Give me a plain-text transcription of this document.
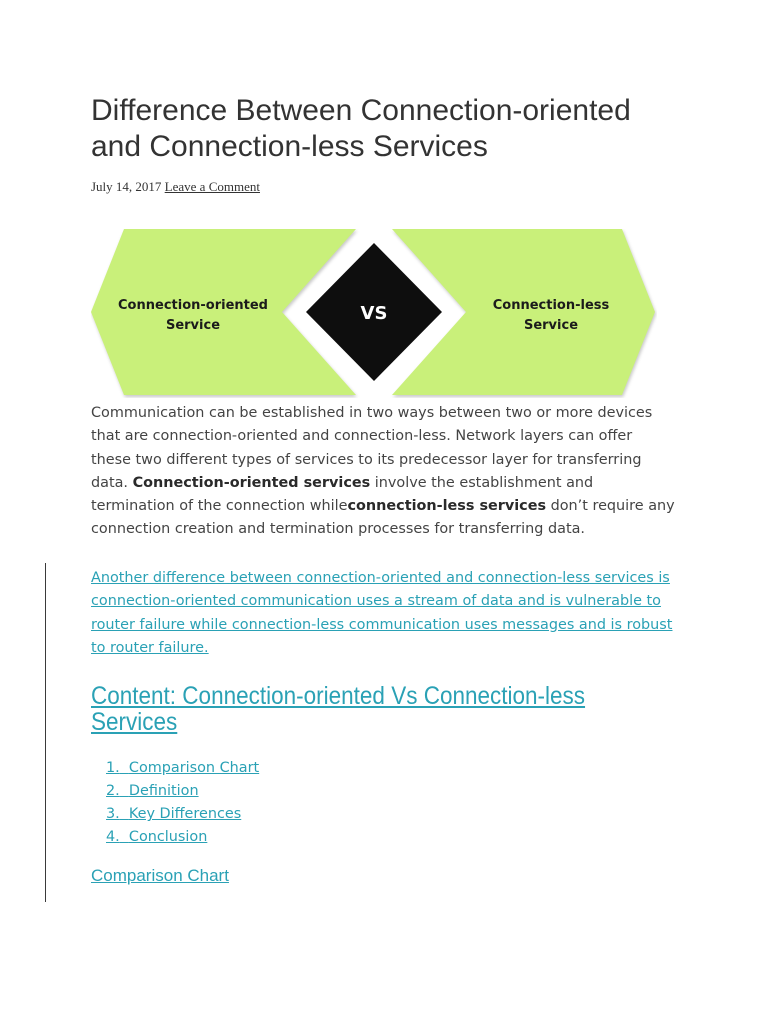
Difference Between Connection-oriented and Connection-less Services
July 14, 2017 Leave a Comment
Connection-oriented
Service
VS	Connection-less
Service
Communication can be established in two ways between two or more devices
that are connection-oriented and connection-less. Network layers can offer
these two different types of services to its predecessor layer for transferring
data. Connection-oriented services involve the establishment and
termination of the connection whileconnection-less services don’t require any
connection creation and termination processes for transferring data.
Another difference between connection-oriented and connection-less services is
connection-oriented communication uses a stream of data and is vulnerable to
router failure while connection-less communication uses messages and is robust
to router failure.
Content: Connection-oriented Vs Connection-less Services
1. Comparison Chart
2. Definition
3. Key Differences
4. Conclusion
Comparison Chart
